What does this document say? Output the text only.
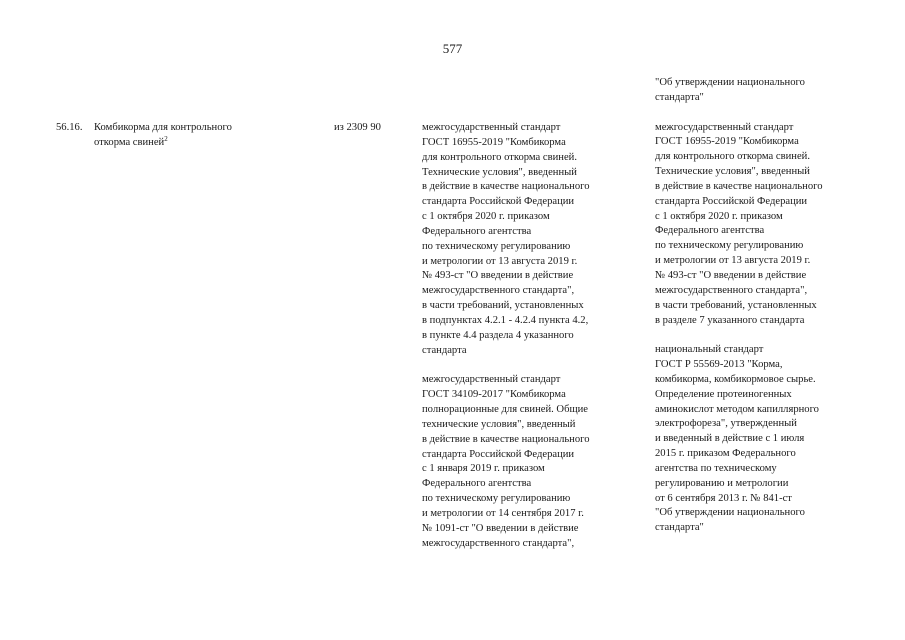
577
56.16. Комбикорма для контрольного
откорма свиней$^2$
из 2309 90	межгосударственный стандарт
ГОСТ 16955-2019 "Комбикорма
для контрольного откорма свиней.
Технические условия", введенный
в действие в качестве национального
стандарта Российской Федерации
с 1 октября 2020 г. приказом
Федерального агентства
по техническому регулированию
и метрологии от 13 августа 2019 г.
№ 493-ст "О введении в действие
межгосударственного стандарта",
в части требований, установленных
в подпунктах 4.2.1 - 4.2.4 пункта 4.2,
в пункте 4.4 раздела 4 указанного
стандарта

межгосударственный стандарт
ГОСТ 34109-2017 "Комбикорма
полнорационные для свиней. Общие
технические условия", введенный
в действие в качестве национального
стандарта Российской Федерации
с 1 января 2019 г. приказом
Федерального агентства
по техническому регулированию
и метрологии от 14 сентября 2017 г.
№ 1091-ст "О введении в действие
межгосударственного стандарта",

"Об утверждении национального
стандарта"

межгосударственный стандарт
ГОСТ 16955-2019 "Комбикорма
для контрольного откорма свиней.
Технические условия", введенный
в действие в качестве национального
стандарта Российской Федерации
с 1 октября 2020 г. приказом
Федерального агентства
по техническому регулированию
и метрологии от 13 августа 2019 г.
№ 493-ст "О введении в действие
межгосударственного стандарта",
в части требований, установленных
в разделе 7 указанного стандарта

национальный стандарт
ГОСТ Р 55569-2013 "Корма,
комбикорма, комбикормовое сырье.
Определение протеиногенных
аминокислот методом капиллярного
электрофореза", утвержденный
и введенный в действие с 1 июля
2015 г. приказом Федерального
агентства по техническому
регулированию и метрологии
от 6 сентября 2013 г. № 841-ст
"Об утверждении национального
стандарта"
